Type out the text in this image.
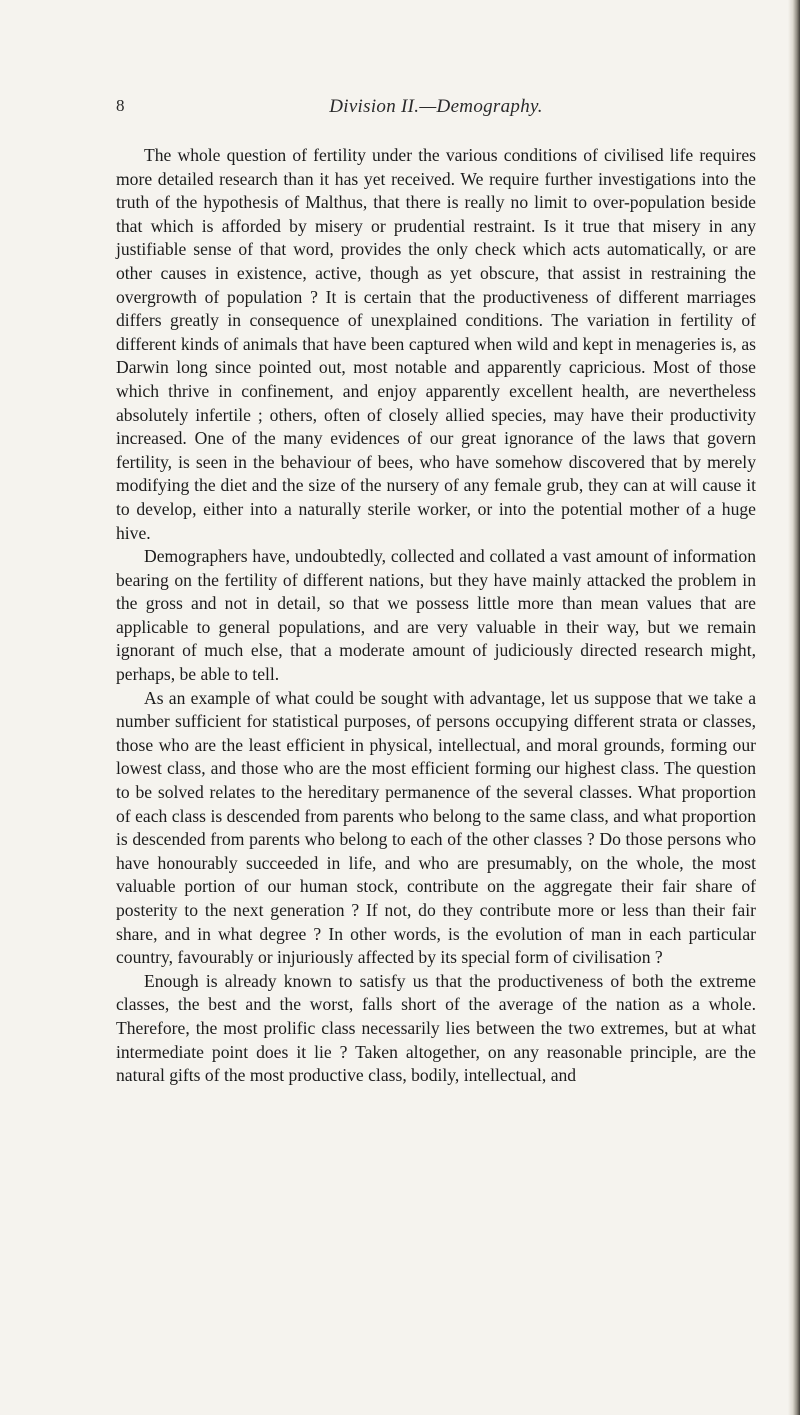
8	Division II.—Demography.

The whole question of fertility under the various conditions of civilised life requires more detailed research than it has yet received. We require further investigations into the truth of the hypothesis of Malthus, that there is really no limit to over-population beside that which is afforded by misery or prudential restraint. Is it true that misery in any justifiable sense of that word, provides the only check which acts automatically, or are other causes in existence, active, though as yet obscure, that assist in restraining the overgrowth of population ? It is certain that the productiveness of different marriages differs greatly in consequence of unexplained conditions. The variation in fertility of different kinds of animals that have been captured when wild and kept in menageries is, as Darwin long since pointed out, most notable and apparently capricious. Most of those which thrive in confinement, and enjoy apparently excellent health, are nevertheless absolutely infertile ; others, often of closely allied species, may have their productivity increased. One of the many evidences of our great ignorance of the laws that govern fertility, is seen in the behaviour of bees, who have somehow discovered that by merely modifying the diet and the size of the nursery of any female grub, they can at will cause it to develop, either into a naturally sterile worker, or into the potential mother of a huge hive.

Demographers have, undoubtedly, collected and collated a vast amount of information bearing on the fertility of different nations, but they have mainly attacked the problem in the gross and not in detail, so that we possess little more than mean values that are applicable to general populations, and are very valuable in their way, but we remain ignorant of much else, that a moderate amount of judiciously directed research might, perhaps, be able to tell.

As an example of what could be sought with advantage, let us suppose that we take a number sufficient for statistical purposes, of persons occupying different strata or classes, those who are the least efficient in physical, intellectual, and moral grounds, forming our lowest class, and those who are the most efficient forming our highest class. The question to be solved relates to the hereditary permanence of the several classes. What proportion of each class is descended from parents who belong to the same class, and what proportion is descended from parents who belong to each of the other classes ? Do those persons who have honourably succeeded in life, and who are presumably, on the whole, the most valuable portion of our human stock, contribute on the aggregate their fair share of posterity to the next generation ? If not, do they contribute more or less than their fair share, and in what degree ? In other words, is the evolution of man in each particular country, favourably or injuriously affected by its special form of civilisation ?

Enough is already known to satisfy us that the productiveness of both the extreme classes, the best and the worst, falls short of the average of the nation as a whole. Therefore, the most prolific class necessarily lies between the two extremes, but at what intermediate point does it lie ? Taken altogether, on any reasonable principle, are the natural gifts of the most productive class, bodily, intellectual, and
